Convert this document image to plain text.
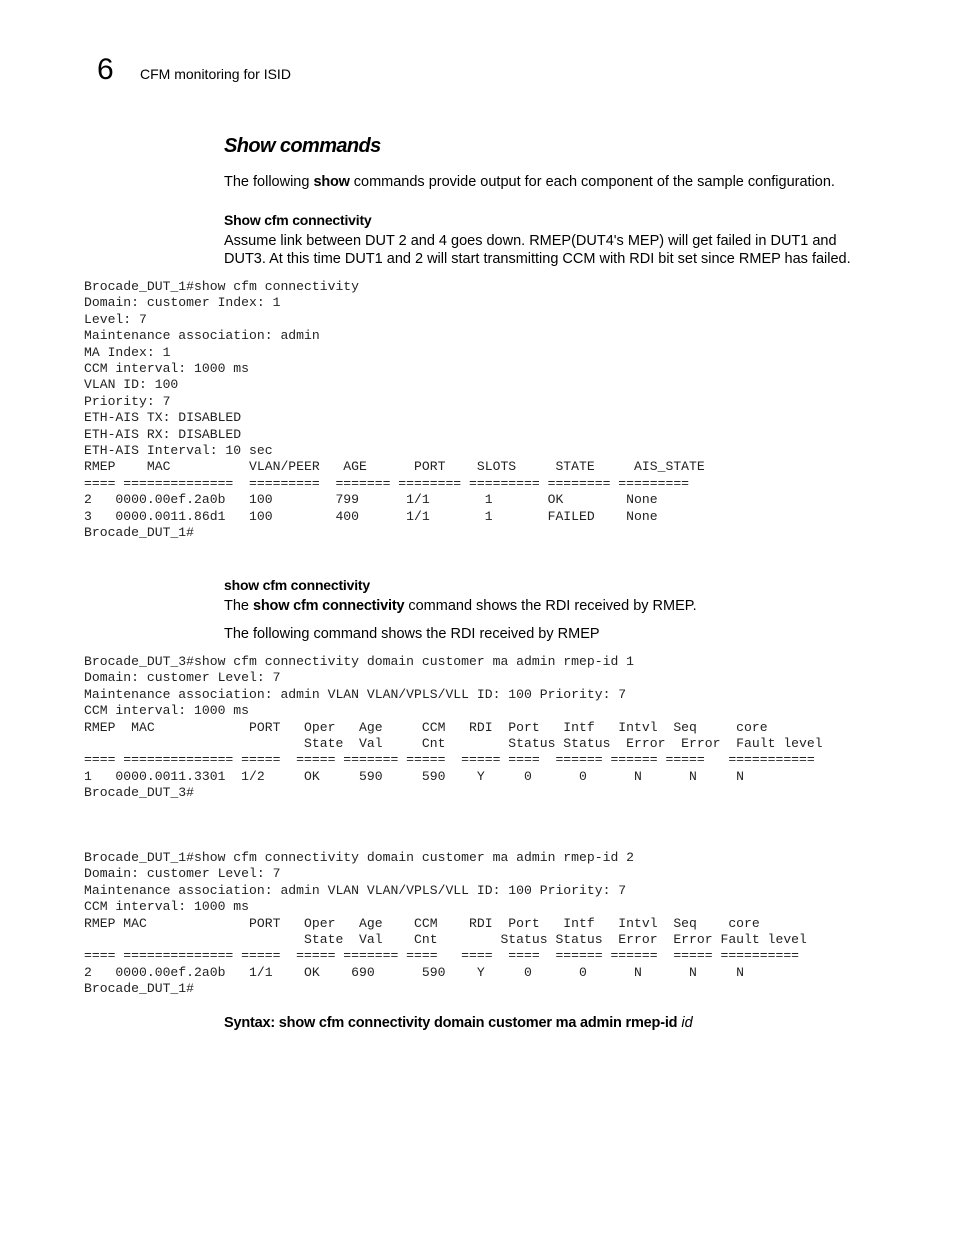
6 CFM monitoring for ISID
Show commands
The following show commands provide output for each component of the sample configuration.
Show cfm connectivity
Assume link between DUT 2 and 4 goes down. RMEP(DUT4's MEP) will get failed in DUT1 and DUT3. At this time DUT1 and 2 will start transmitting CCM with RDI bit set since RMEP has failed.
Brocade_DUT_1#show cfm connectivity
Domain: customer Index: 1
Level: 7
Maintenance association: admin
MA Index: 1
CCM interval: 1000 ms
VLAN ID: 100
Priority: 7
ETH-AIS TX: DISABLED
ETH-AIS RX: DISABLED
ETH-AIS Interval: 10 sec
RMEP    MAC          VLAN/PEER   AGE      PORT    SLOTS     STATE     AIS_STATE
==== ==============  =========  ======= ======== ========= ======== =========
2   0000.00ef.2a0b   100        799      1/1       1       OK        None
3   0000.0011.86d1   100        400      1/1       1       FAILED    None
Brocade_DUT_1#
show cfm connectivity
The show cfm connectivity command shows the RDI received by RMEP.
The following command shows the RDI received by RMEP
Brocade_DUT_3#show cfm connectivity domain customer ma admin rmep-id 1
Domain: customer Level: 7
Maintenance association: admin VLAN VLAN/VPLS/VLL ID: 100 Priority: 7
CCM interval: 1000 ms
RMEP  MAC            PORT   Oper   Age     CCM   RDI  Port   Intf   Intvl  Seq     core
State  Val     Cnt        Status Status  Error  Error  Fault level
==== ============== =====  ===== ======= =====  ===== ====  ====== ====== =====   ===========
1   0000.0011.3301  1/2     OK     590     590    Y     0      0      N      N     N
Brocade_DUT_3#
Brocade_DUT_1#show cfm connectivity domain customer ma admin rmep-id 2
Domain: customer Level: 7
Maintenance association: admin VLAN VLAN/VPLS/VLL ID: 100 Priority: 7
CCM interval: 1000 ms
RMEP MAC             PORT   Oper   Age    CCM    RDI  Port   Intf   Intvl  Seq    core
State  Val    Cnt        Status Status  Error  Error Fault level
==== ============== =====  ===== ======= ====   ====  ====  ====== ======  ===== ==========
2   0000.00ef.2a0b   1/1    OK    690      590    Y     0      0      N      N     N
Brocade_DUT_1#
Syntax: show cfm connectivity domain customer ma admin rmep-id id
